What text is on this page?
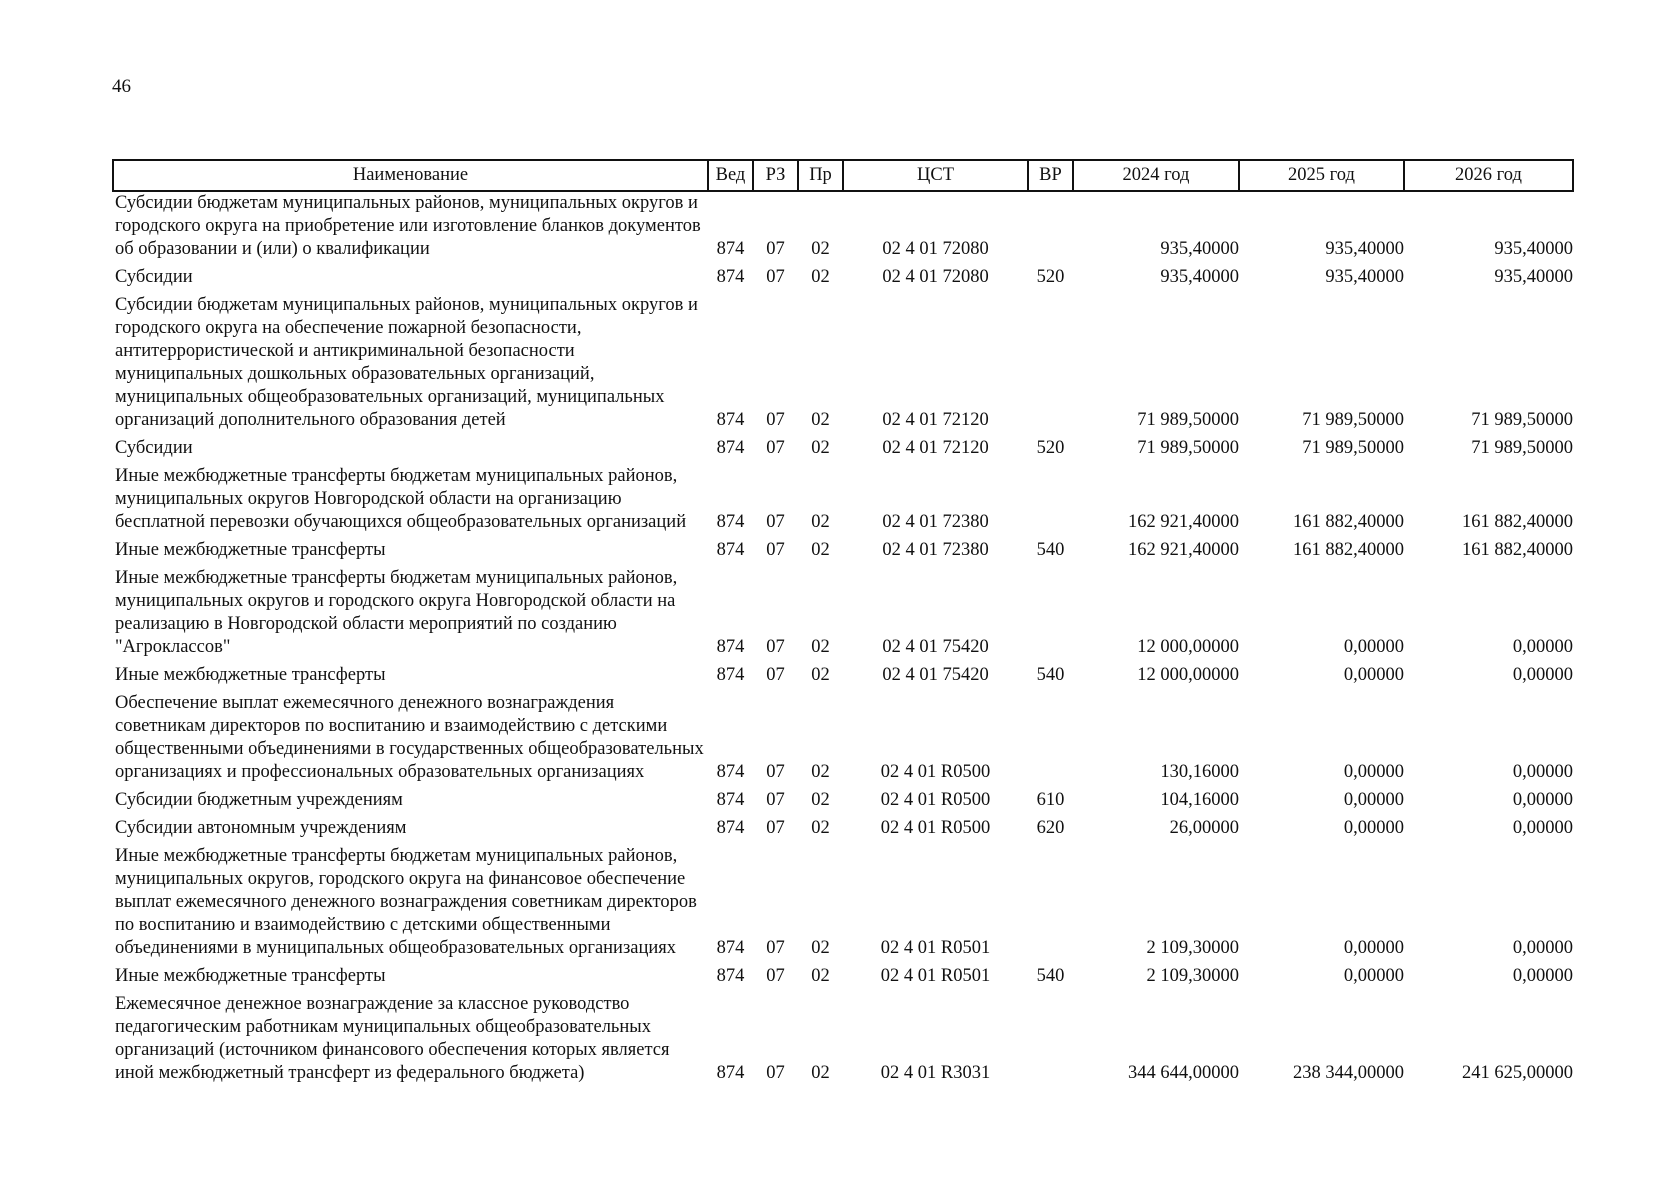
46
Наименование	Вед	РЗ	Пр	ЦСТ	ВР	2024 год	2025 год	2026 год
Субсидии бюджетам муниципальных районов, муниципальных округов и городского округа на приобретение или изготовление бланков документов об образовании и (или) о квалификации	874	07	02	02 4 01 72080		935,40000	935,40000	935,40000
Субсидии	874	07	02	02 4 01 72080	520	935,40000	935,40000	935,40000
Субсидии бюджетам муниципальных районов, муниципальных округов и городского округа на обеспечение пожарной безопасности, антитеррористической и антикриминальной безопасности муниципальных дошкольных образовательных организаций, муниципальных общеобразовательных организаций, муниципальных организаций дополнительного образования детей	874	07	02	02 4 01 72120		71 989,50000	71 989,50000	71 989,50000
Субсидии	874	07	02	02 4 01 72120	520	71 989,50000	71 989,50000	71 989,50000
Иные межбюджетные трансферты бюджетам муниципальных районов, муниципальных округов Новгородской области на организацию бесплатной перевозки обучающихся общеобразовательных организаций	874	07	02	02 4 01 72380		162 921,40000	161 882,40000	161 882,40000
Иные межбюджетные трансферты	874	07	02	02 4 01 72380	540	162 921,40000	161 882,40000	161 882,40000
Иные межбюджетные трансферты бюджетам муниципальных районов, муниципальных округов и городского округа Новгородской области на реализацию в Новгородской области мероприятий по созданию "Агроклассов"	874	07	02	02 4 01 75420		12 000,00000	0,00000	0,00000
Иные межбюджетные трансферты	874	07	02	02 4 01 75420	540	12 000,00000	0,00000	0,00000
Обеспечение выплат ежемесячного денежного вознаграждения советникам директоров по воспитанию и взаимодействию с детскими общественными объединениями в государственных общеобразовательных организациях и профессиональных образовательных организациях	874	07	02	02 4 01 R0500		130,16000	0,00000	0,00000
Субсидии бюджетным учреждениям	874	07	02	02 4 01 R0500	610	104,16000	0,00000	0,00000
Субсидии автономным учреждениям	874	07	02	02 4 01 R0500	620	26,00000	0,00000	0,00000
Иные межбюджетные трансферты бюджетам муниципальных районов, муниципальных округов, городского округа на финансовое обеспечение выплат ежемесячного денежного вознаграждения советникам директоров по воспитанию и взаимодействию с детскими общественными объединениями в муниципальных общеобразовательных организациях	874	07	02	02 4 01 R0501		2 109,30000	0,00000	0,00000
Иные межбюджетные трансферты	874	07	02	02 4 01 R0501	540	2 109,30000	0,00000	0,00000
Ежемесячное денежное вознаграждение за классное руководство педагогическим работникам муниципальных общеобразовательных организаций (источником финансового обеспечения которых является иной межбюджетный трансферт из федерального бюджета)	874	07	02	02 4 01 R3031		344 644,00000	238 344,00000	241 625,00000
